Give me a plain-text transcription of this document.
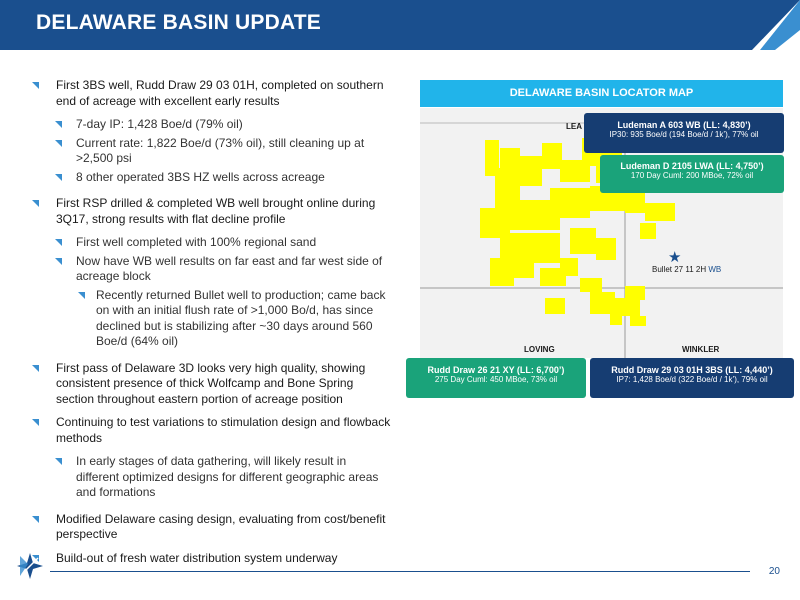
DELAWARE BASIN UPDATE
First 3BS well, Rudd Draw 29 03 01H, completed on southern end of acreage with excellent early results
7-day IP: 1,428 Boe/d (79% oil)
Current rate: 1,822 Boe/d (73% oil), still cleaning up at >2,500 psi
8 other operated 3BS HZ wells across acreage
First RSP drilled & completed WB well brought online during 3Q17, strong results with flat decline profile
First well completed with 100% regional sand
Now have WB well results on far east and far west side of acreage block
Recently returned Bullet well to production; came back on with an initial flush rate of >1,000 Bo/d, has since declined but is stabilizing after ~30 days around 560 Boe/d (64% oil)
First pass of Delaware 3D looks very high quality, showing consistent presence of thick Wolfcamp and Bone Spring section throughout eastern portion of acreage position
Continuing to test variations to stimulation design and flowback methods
In early stages of data gathering, will likely result in different optimized designs for different geographic areas and formations
Modified Delaware casing design, evaluating from cost/benefit perspective
Build-out of fresh water distribution system underway
DELAWARE BASIN LOCATOR MAP
LEA
LOVING	WINKLER
★
Bullet 27 11 2H WB
Ludeman A 603 WB (LL: 4,830’)
IP30: 935 Boe/d (194 Boe/d / 1k’), 77% oil
Ludeman D 2105 LWA (LL: 4,750’)
170 Day Cuml: 200 MBoe, 72% oil
Rudd Draw 26 21 XY (LL: 6,700’)
275 Day Cuml: 450 MBoe, 73% oil
Rudd Draw 29 03 01H 3BS (LL: 4,440’)
IP7: 1,428 Boe/d (322 Boe/d / 1k’), 79% oil
20
